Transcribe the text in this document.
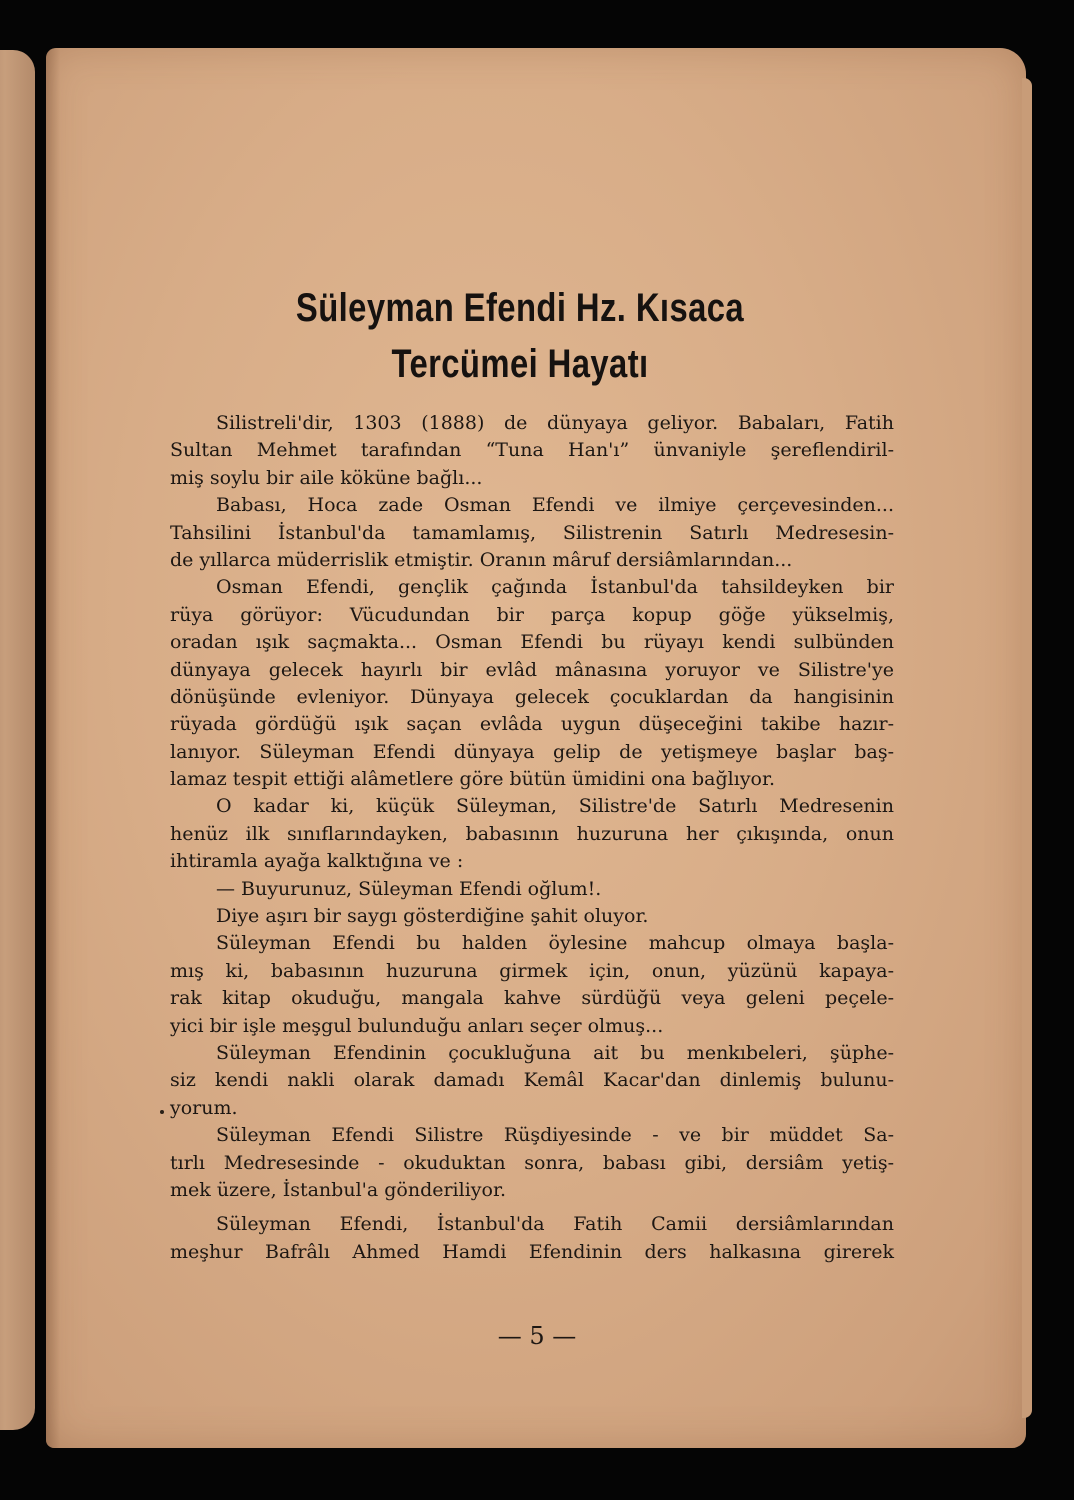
Süleyman Efendi Hz. Kısaca
Tercümei Hayatı
Silistreli'dir, 1303 (1888) de dünyaya geliyor. Babaları, Fatih
Sultan Mehmet tarafından “Tuna Han'ı” ünvaniyle şereflendiril-
miş soylu bir aile köküne bağlı...
Babası, Hoca zade Osman Efendi ve ilmiye çerçevesinden...
Tahsilini İstanbul'da tamamlamış, Silistrenin Satırlı Medresesin-
de yıllarca müderrislik etmiştir. Oranın mâruf dersiâmlarından...
Osman Efendi, gençlik çağında İstanbul'da tahsildeyken bir
rüya görüyor: Vücudundan bir parça kopup göğe yükselmiş,
oradan ışık saçmakta... Osman Efendi bu rüyayı kendi sulbünden
dünyaya gelecek hayırlı bir evlâd mânasına yoruyor ve Silistre'ye
dönüşünde evleniyor. Dünyaya gelecek çocuklardan da hangisinin
rüyada gördüğü ışık saçan evlâda uygun düşeceğini takibe hazır-
lanıyor. Süleyman Efendi dünyaya gelip de yetişmeye başlar baş-
lamaz tespit ettiği alâmetlere göre bütün ümidini ona bağlıyor.
O kadar ki, küçük Süleyman, Silistre'de Satırlı Medresenin
henüz ilk sınıflarındayken, babasının huzuruna her çıkışında, onun
ihtiramla ayağa kalktığına ve :
— Buyurunuz, Süleyman Efendi oğlum!.
Diye aşırı bir saygı gösterdiğine şahit oluyor.
Süleyman Efendi bu halden öylesine mahcup olmaya başla-
mış ki, babasının huzuruna girmek için, onun, yüzünü kapaya-
rak kitap okuduğu, mangala kahve sürdüğü veya geleni peçele-
yici bir işle meşgul bulunduğu anları seçer olmuş...
Süleyman Efendinin çocukluğuna ait bu menkıbeleri, şüphe-
siz kendi nakli olarak damadı Kemâl Kacar'dan dinlemiş bulunu-
yorum.
Süleyman Efendi Silistre Rüşdiyesinde - ve bir müddet Sa-
tırlı Medresesinde - okuduktan sonra, babası gibi, dersiâm yetiş-
mek üzere, İstanbul'a gönderiliyor.
Süleyman Efendi, İstanbul'da Fatih Camii dersiâmlarından
meşhur Bafrâlı Ahmed Hamdi Efendinin ders halkasına girerek
— 5 —
